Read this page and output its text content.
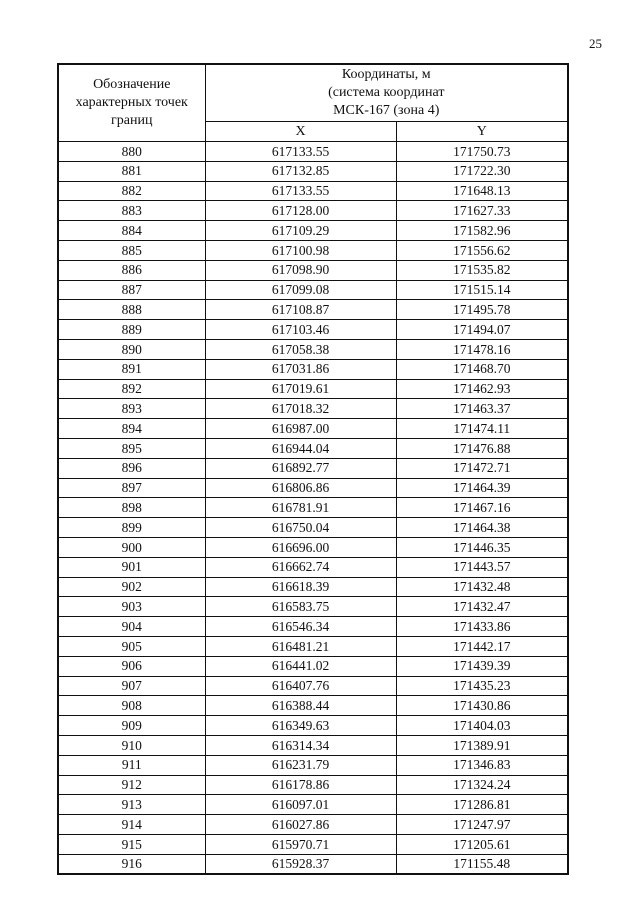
25
Обозначение характерных точек границ	Координаты, м
(система координат
МСК-167 (зона 4)	
	X	Y
880	617133.55	171750.73
881	617132.85	171722.30
882	617133.55	171648.13
883	617128.00	171627.33
884	617109.29	171582.96
885	617100.98	171556.62
886	617098.90	171535.82
887	617099.08	171515.14
888	617108.87	171495.78
889	617103.46	171494.07
890	617058.38	171478.16
891	617031.86	171468.70
892	617019.61	171462.93
893	617018.32	171463.37
894	616987.00	171474.11
895	616944.04	171476.88
896	616892.77	171472.71
897	616806.86	171464.39
898	616781.91	171467.16
899	616750.04	171464.38
900	616696.00	171446.35
901	616662.74	171443.57
902	616618.39	171432.48
903	616583.75	171432.47
904	616546.34	171433.86
905	616481.21	171442.17
906	616441.02	171439.39
907	616407.76	171435.23
908	616388.44	171430.86
909	616349.63	171404.03
910	616314.34	171389.91
911	616231.79	171346.83
912	616178.86	171324.24
913	616097.01	171286.81
914	616027.86	171247.97
915	615970.71	171205.61
916	615928.37	171155.48
